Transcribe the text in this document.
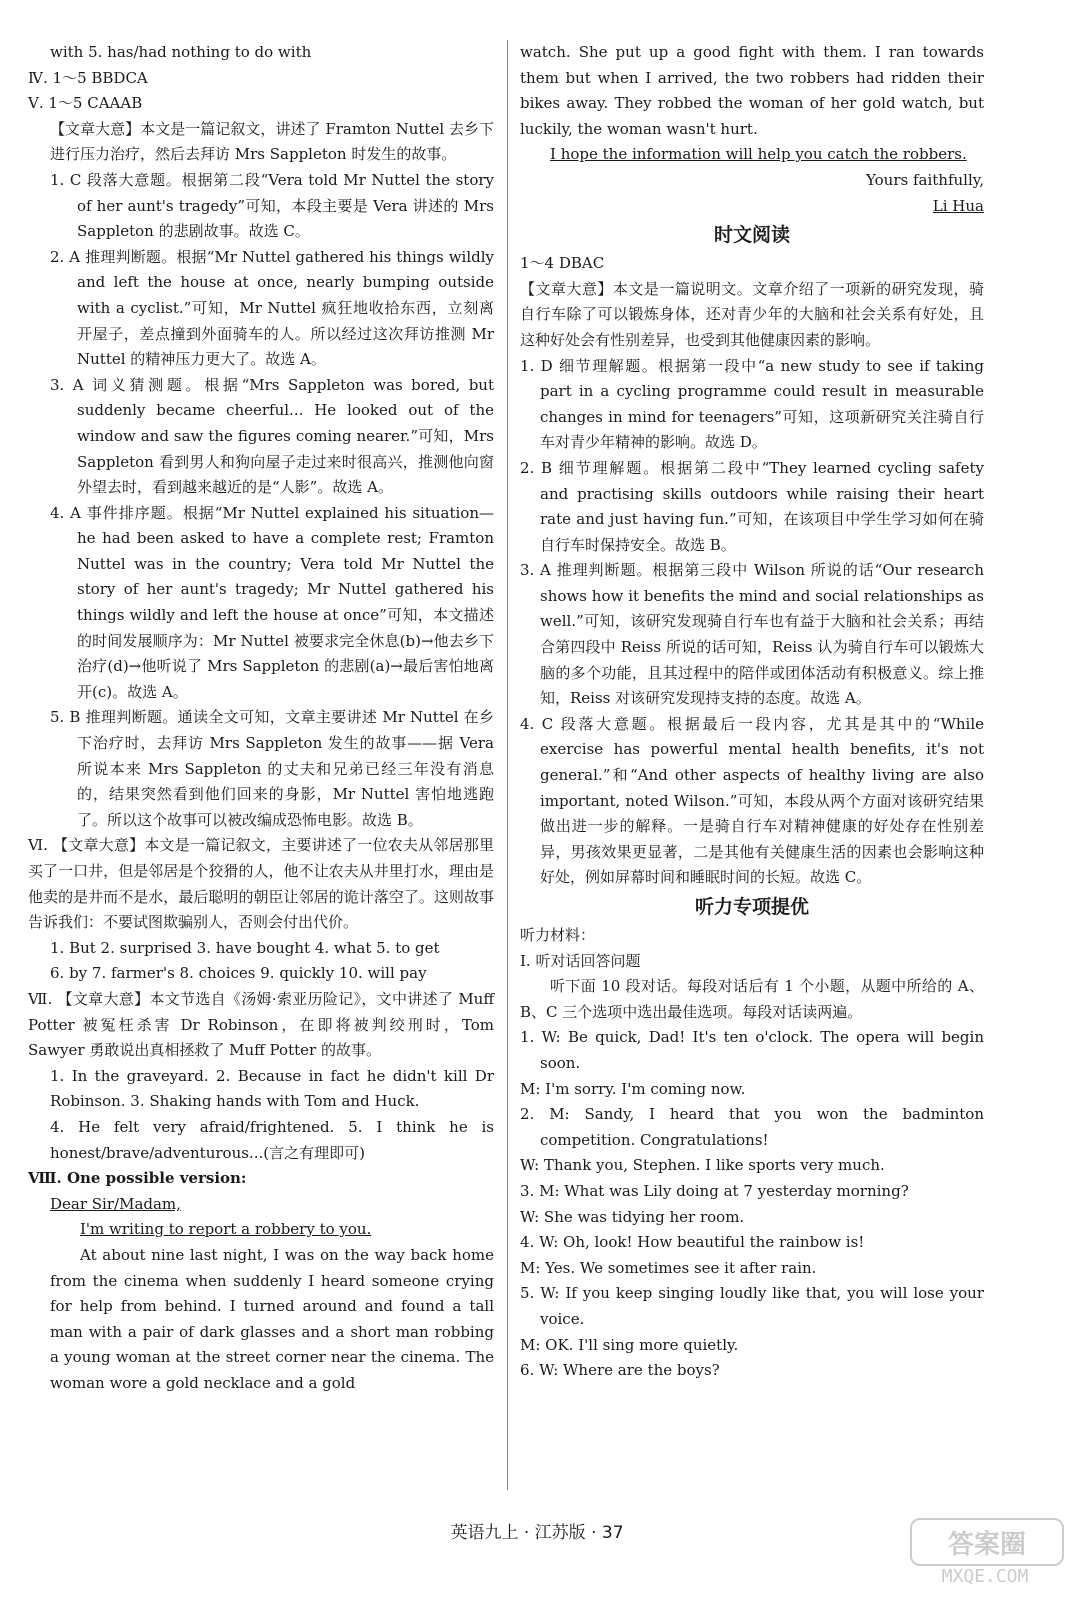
with 5. has/had nothing to do with

Ⅳ. 1～5 BBDCA

Ⅴ. 1～5 CAAAB

【文章大意】本文是一篇记叙文，讲述了 Framton Nuttel 去乡下进行压力治疗，然后去拜访 Mrs Sappleton 时发生的故事。

1. C 段落大意题。根据第二段“Vera told Mr Nuttel the story of her aunt's tragedy”可知，本段主要是 Vera 讲述的 Mrs Sappleton 的悲剧故事。故选 C。

2. A 推理判断题。根据“Mr Nuttel gathered his things wildly and left the house at once, nearly bumping outside with a cyclist.”可知，Mr Nuttel 疯狂地收拾东西，立刻离开屋子，差点撞到外面骑车的人。所以经过这次拜访推测 Mr Nuttel 的精神压力更大了。故选 A。

3. A 词义猜测题。根据“Mrs Sappleton was bored, but suddenly became cheerful... He looked out of the window and saw the figures coming nearer.”可知，Mrs Sappleton 看到男人和狗向屋子走过来时很高兴，推测他向窗外望去时，看到越来越近的是“人影”。故选 A。

4. A 事件排序题。根据“Mr Nuttel explained his situation—he had been asked to have a complete rest; Framton Nuttel was in the country; Vera told Mr Nuttel the story of her aunt's tragedy; Mr Nuttel gathered his things wildly and left the house at once”可知，本文描述的时间发展顺序为：Mr Nuttel 被要求完全休息(b)→他去乡下治疗(d)→他听说了 Mrs Sappleton 的悲剧(a)→最后害怕地离开(c)。故选 A。

5. B 推理判断题。通读全文可知，文章主要讲述 Mr Nuttel 在乡下治疗时，去拜访 Mrs Sappleton 发生的故事——据 Vera 所说本来 Mrs Sappleton 的丈夫和兄弟已经三年没有消息的，结果突然看到他们回来的身影，Mr Nuttel 害怕地逃跑了。所以这个故事可以被改编成恐怖电影。故选 B。

Ⅵ. 【文章大意】本文是一篇记叙文，主要讲述了一位农夫从邻居那里买了一口井，但是邻居是个狡猾的人，他不让农夫从井里打水，理由是他卖的是井而不是水，最后聪明的朝臣让邻居的诡计落空了。这则故事告诉我们：不要试图欺骗别人，否则会付出代价。

1. But 2. surprised 3. have bought 4. what 5. to get

6. by 7. farmer's 8. choices 9. quickly 10. will pay

Ⅶ. 【文章大意】本文节选自《汤姆·索亚历险记》，文中讲述了 Muff Potter 被冤枉杀害 Dr Robinson，在即将被判绞刑时，Tom Sawyer 勇敢说出真相拯救了 Muff Potter 的故事。

1. In the graveyard. 2. Because in fact he didn't kill Dr Robinson. 3. Shaking hands with Tom and Huck.

4. He felt very afraid/frightened. 5. I think he is honest/brave/adventurous...(言之有理即可)

Ⅷ. One possible version:

Dear Sir/Madam,

I'm writing to report a robbery to you.

At about nine last night, I was on the way back home from the cinema when suddenly I heard someone crying for help from behind. I turned around and found a tall man with a pair of dark glasses and a short man robbing a young woman at the street corner near the cinema. The woman wore a gold necklace and a gold

watch. She put up a good fight with them. I ran towards them but when I arrived, the two robbers had ridden their bikes away. They robbed the woman of her gold watch, but luckily, the woman wasn't hurt.

I hope the information will help you catch the robbers.

Yours faithfully,

Li Hua

时文阅读

1～4 DBAC

【文章大意】本文是一篇说明文。文章介绍了一项新的研究发现，骑自行车除了可以锻炼身体，还对青少年的大脑和社会关系有好处，且这种好处会有性别差异，也受到其他健康因素的影响。

1. D 细节理解题。根据第一段中“a new study to see if taking part in a cycling programme could result in measurable changes in mind for teenagers”可知，这项新研究关注骑自行车对青少年精神的影响。故选 D。

2. B 细节理解题。根据第二段中“They learned cycling safety and practising skills outdoors while raising their heart rate and just having fun.”可知，在该项目中学生学习如何在骑自行车时保持安全。故选 B。

3. A 推理判断题。根据第三段中 Wilson 所说的话“Our research shows how it benefits the mind and social relationships as well.”可知，该研究发现骑自行车也有益于大脑和社会关系；再结合第四段中 Reiss 所说的话可知，Reiss 认为骑自行车可以锻炼大脑的多个功能，且其过程中的陪伴或团体活动有积极意义。综上推知，Reiss 对该研究发现持支持的态度。故选 A。

4. C 段落大意题。根据最后一段内容，尤其是其中的“While exercise has powerful mental health benefits, it's not general.”和“And other aspects of healthy living are also important, noted Wilson.”可知，本段从两个方面对该研究结果做出进一步的解释。一是骑自行车对精神健康的好处存在性别差异，男孩效果更显著，二是其他有关健康生活的因素也会影响这种好处，例如屏幕时间和睡眠时间的长短。故选 C。

听力专项提优

听力材料：

Ⅰ. 听对话回答问题

听下面 10 段对话。每段对话后有 1 个小题，从题中所给的 A、B、C 三个选项中选出最佳选项。每段对话读两遍。

1. W: Be quick, Dad! It's ten o'clock. The opera will begin soon.

M: I'm sorry. I'm coming now.

2. M: Sandy, I heard that you won the badminton competition. Congratulations!

W: Thank you, Stephen. I like sports very much.

3. M: What was Lily doing at 7 yesterday morning?

W: She was tidying her room.

4. W: Oh, look! How beautiful the rainbow is!

M: Yes. We sometimes see it after rain.

5. W: If you keep singing loudly like that, you will lose your voice.

M: OK. I'll sing more quietly.

6. W: Where are the boys?

英语九上 · 江苏版 · 37	答案圈
MXQE.COM
